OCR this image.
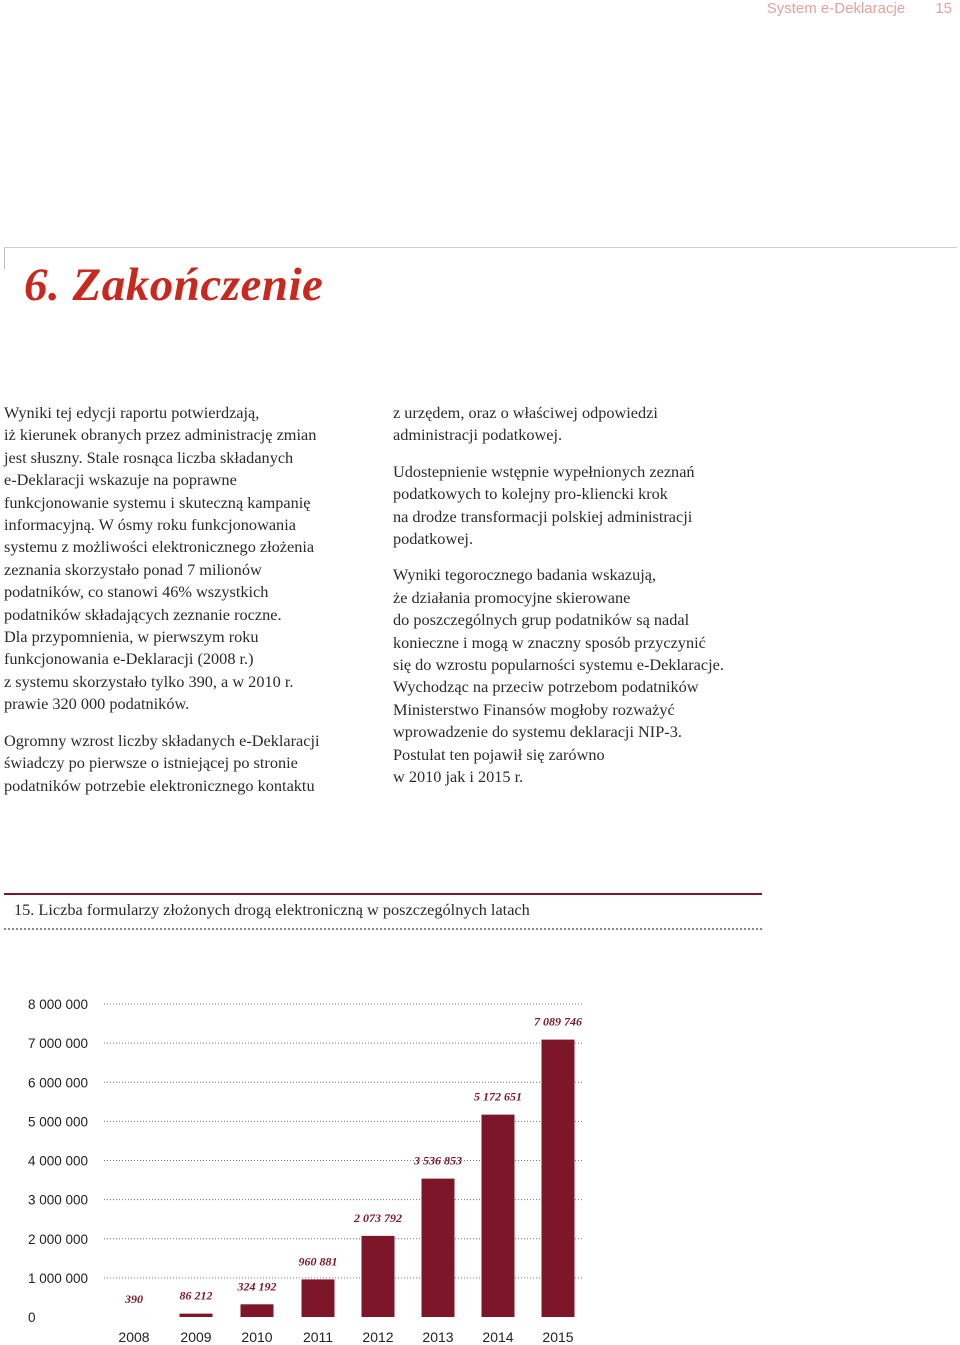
System e-Deklaracje 15
6. Zakończenie

Wyniki tej edycji raportu potwierdzają,
iż kierunek obranych przez administrację zmian
jest słuszny. Stale rosnąca liczba składanych
e-Deklaracji wskazuje na poprawne
funkcjonowanie systemu i skuteczną kampanię
informacyjną. W ósmy roku funkcjonowania
systemu z możliwości elektronicznego złożenia
zeznania skorzystało ponad 7 milionów
podatników, co stanowi 46% wszystkich
podatników składających zeznanie roczne.
Dla przypomnienia, w pierwszym roku
funkcjonowania e-Deklaracji (2008 r.)
z systemu skorzystało tylko 390, a w 2010 r.
prawie 320 000 podatników.

Ogromny wzrost liczby składanych e-Deklaracji
świadczy po pierwsze o istniejącej po stronie
podatników potrzebie elektronicznego kontaktu

z urzędem, oraz o właściwej odpowiedzi
administracji podatkowej.

Udostepnienie wstępnie wypełnionych zeznań
podatkowych to kolejny pro-kliencki krok
na drodze transformacji polskiej administracji
podatkowej.

Wyniki tegorocznego badania wskazują,
że działania promocyjne skierowane
do poszczególnych grup podatników są nadal
konieczne i mogą w znaczny sposób przyczynić
się do wzrostu popularności systemu e-Deklaracje.
Wychodząc na przeciw potrzebom podatników
Ministerstwo Finansów mogłoby rozważyć
wprowadzenie do systemu deklaracji NIP-3.
Postulat ten pojawił się zarówno
w 2010 jak i 2015 r.

15. Liczba formularzy złożonych drogą elektroniczną w poszczególnych latach
0
1 000 000
2 000 000
3 000 000
4 000 000
5 000 000
6 000 000
7 000 000
8 000 000
390
2008
86 212
2009
324 192
2010
960 881
2011
2 073 792
2012
3 536 853
2013
5 172 651
2014
7 089 746
2015
